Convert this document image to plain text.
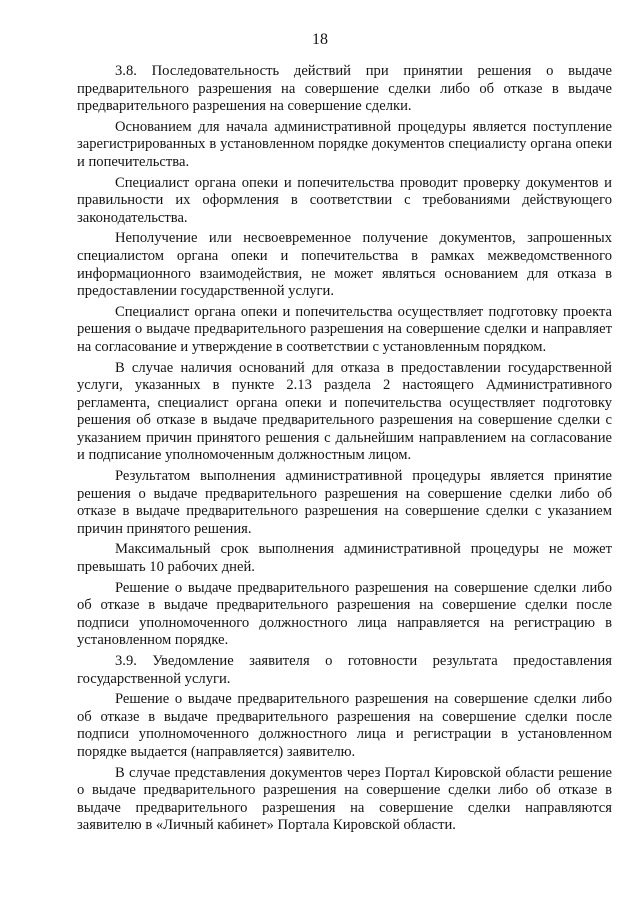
18

3.8. Последовательность действий при принятии решения о выдаче предварительного разрешения на совершение сделки либо об отказе в выдаче предварительного разрешения на совершение сделки.

Основанием для начала административной процедуры является поступление зарегистрированных в установленном порядке документов специалисту органа опеки и попечительства.

Специалист органа опеки и попечительства проводит проверку документов и правильности их оформления в соответствии с требованиями действующего законодательства.

Неполучение или несвоевременное получение документов, запрошенных специалистом органа опеки и попечительства в рамках межведомственного информационного взаимодействия, не может являться основанием для отказа в предоставлении государственной услуги.

Специалист органа опеки и попечительства осуществляет подготовку проекта решения о выдаче предварительного разрешения на совершение сделки и направляет на согласование и утверждение в соответствии с установленным порядком.

В случае наличия оснований для отказа в предоставлении государственной услуги, указанных в пункте 2.13 раздела 2 настоящего Административного регламента, специалист органа опеки и попечительства осуществляет подготовку решения об отказе в выдаче предварительного разрешения на совершение сделки с указанием причин принятого решения с дальнейшим направлением на согласование и подписание уполномоченным должностным лицом.

Результатом выполнения административной процедуры является принятие решения о выдаче предварительного разрешения на совершение сделки либо об отказе в выдаче предварительного разрешения на совершение сделки с указанием причин принятого решения.

Максимальный срок выполнения административной процедуры не может превышать 10 рабочих дней.

Решение о выдаче предварительного разрешения на совершение сделки либо об отказе в выдаче предварительного разрешения на совершение сделки после подписи уполномоченного должностного лица направляется на регистрацию в установленном порядке.

3.9. Уведомление заявителя о готовности результата предоставления государственной услуги.

Решение о выдаче предварительного разрешения на совершение сделки либо об отказе в выдаче предварительного разрешения на совершение сделки после подписи уполномоченного должностного лица и регистрации в установленном порядке выдается (направляется) заявителю.

В случае представления документов через Портал Кировской области решение о выдаче предварительного разрешения на совершение сделки либо об отказе в выдаче предварительного разрешения на совершение сделки направляются заявителю в «Личный кабинет» Портала Кировской области.
